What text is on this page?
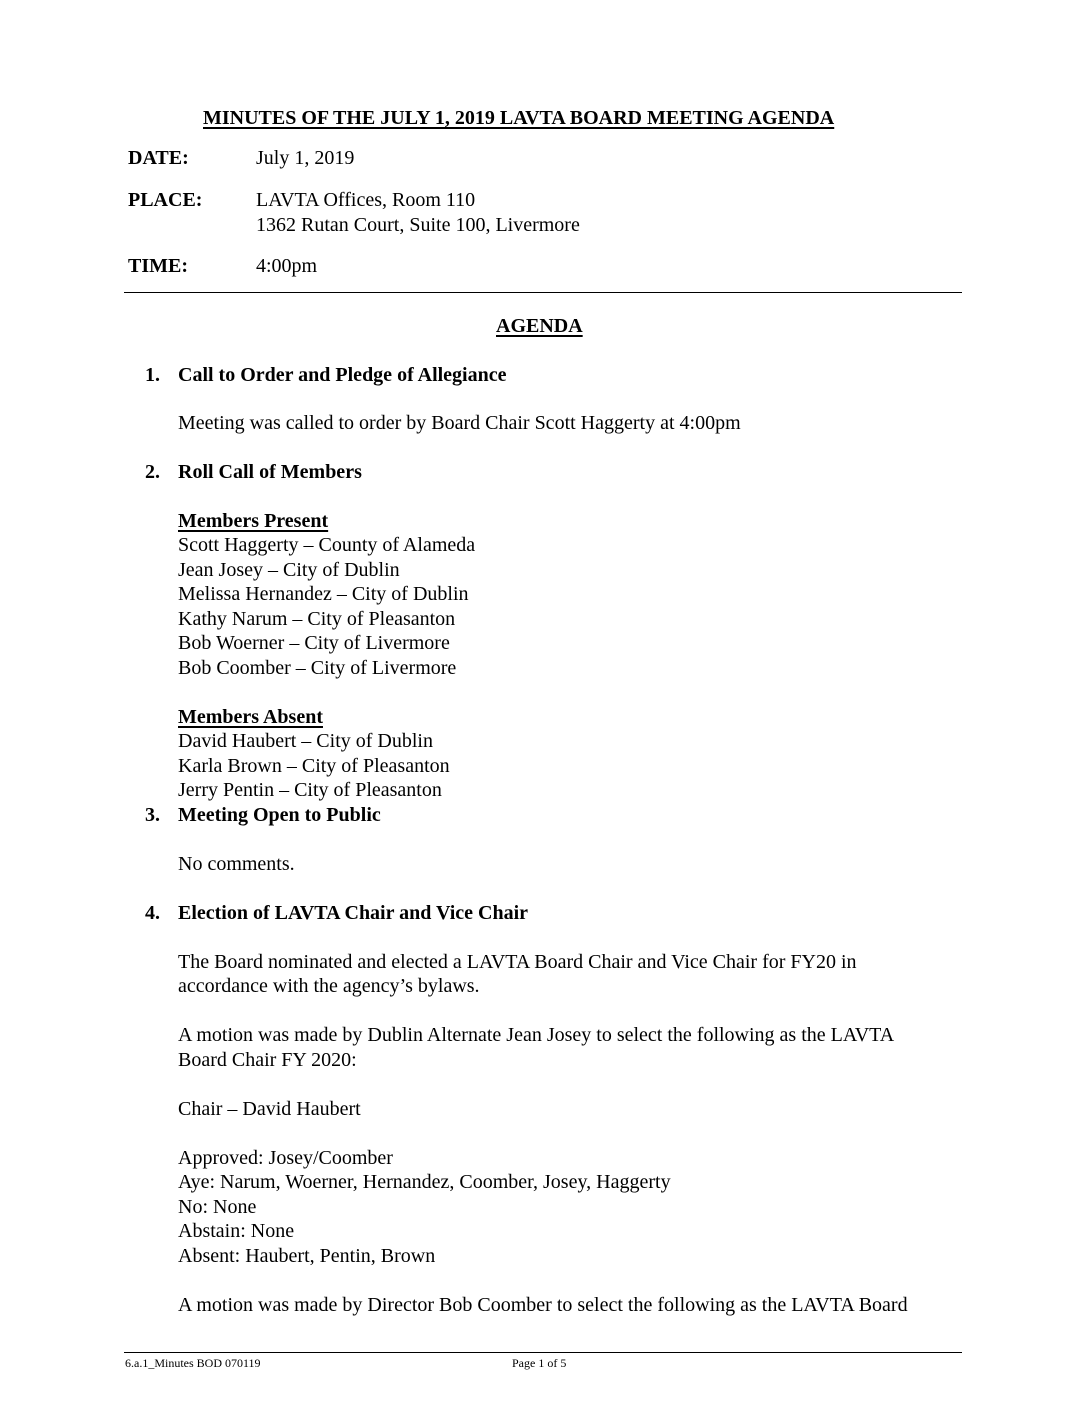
MINUTES OF THE JULY 1, 2019 LAVTA BOARD MEETING AGENDA
DATE:	July 1, 2019
PLACE:	LAVTA Offices, Room 110
1362 Rutan Court, Suite 100, Livermore
TIME:	4:00pm
AGENDA
1. Call to Order and Pledge of Allegiance
Meeting was called to order by Board Chair Scott Haggerty at 4:00pm
2. Roll Call of Members
Members Present
Scott Haggerty – County of Alameda
Jean Josey – City of Dublin
Melissa Hernandez – City of Dublin
Kathy Narum – City of Pleasanton
Bob Woerner – City of Livermore
Bob Coomber – City of Livermore
Members Absent
David Haubert – City of Dublin
Karla Brown – City of Pleasanton
Jerry Pentin – City of Pleasanton
3. Meeting Open to Public
No comments.
4. Election of LAVTA Chair and Vice Chair
The Board nominated and elected a LAVTA Board Chair and Vice Chair for FY20 in
accordance with the agency’s bylaws.
A motion was made by Dublin Alternate Jean Josey to select the following as the LAVTA
Board Chair FY 2020:
Chair – David Haubert
Approved: Josey/Coomber
Aye: Narum, Woerner, Hernandez, Coomber, Josey, Haggerty
No: None
Abstain: None
Absent: Haubert, Pentin, Brown
A motion was made by Director Bob Coomber to select the following as the LAVTA Board
6.a.1_Minutes BOD 070119	Page 1 of 5
